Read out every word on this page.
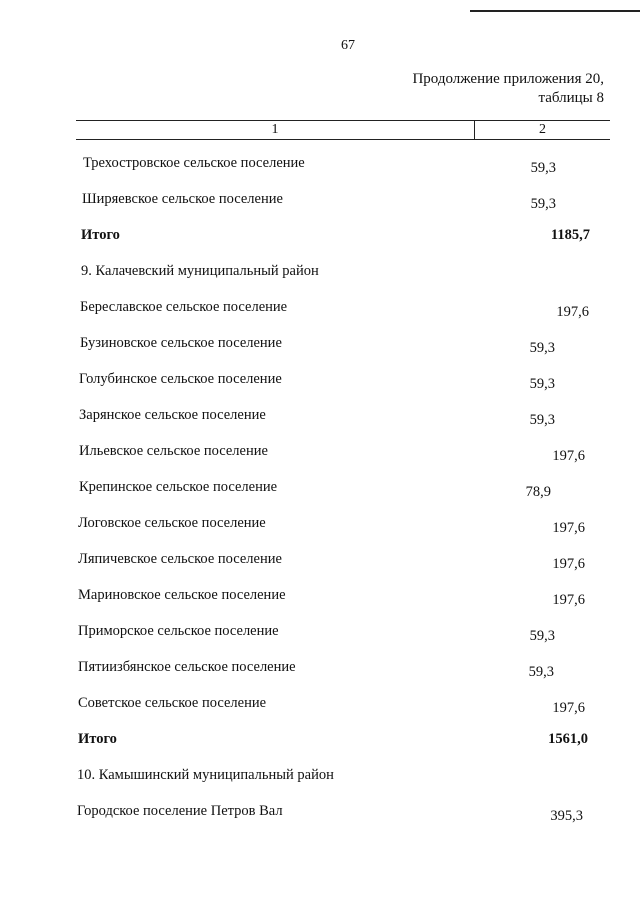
67
Продолжение приложения 20,
таблицы 8
1	2
Трехостровское сельское поселение	59,3
Ширяевское сельское поселение	59,3
Итого	1185,7
9. Калачевский муниципальный район
Береславское сельское поселение	197,6
Бузиновское сельское поселение	59,3
Голубинское сельское поселение	59,3
Зарянское сельское поселение	59,3
Ильевское сельское поселение	197,6
Крепинское сельское поселение	78,9
Логовское сельское поселение	197,6
Ляпичевское сельское поселение	197,6
Мариновское сельское поселение	197,6
Приморское сельское поселение	59,3
Пятиизбянское сельское поселение	59,3
Советское сельское поселение	197,6
Итого	1561,0
10. Камышинский муниципальный район
Городское поселение Петров Вал	395,3
